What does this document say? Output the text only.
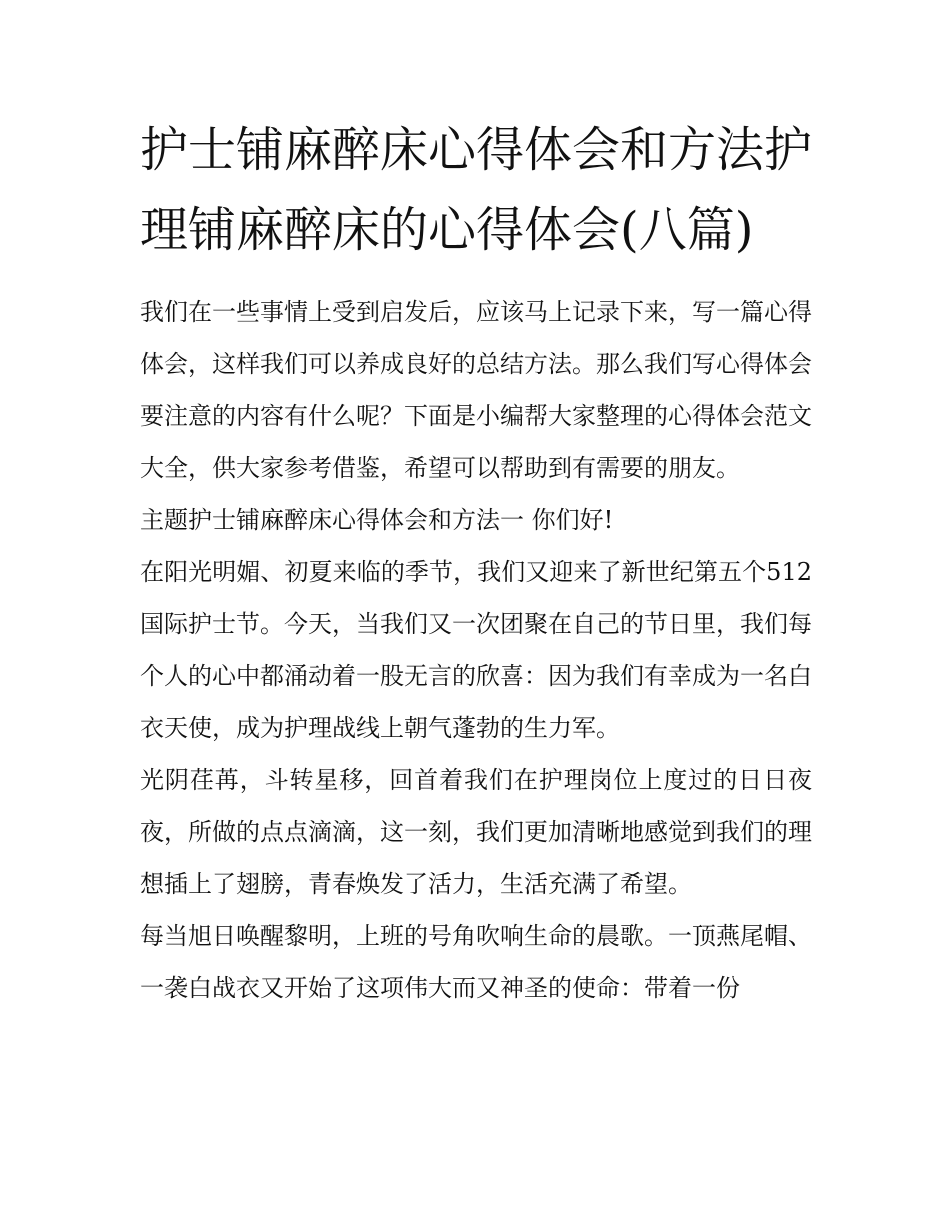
护士铺麻醉床心得体会和方法护理铺麻醉床的心得体会(八篇)

我们在一些事情上受到启发后，应该马上记录下来，写一篇心得体会，这样我们可以养成良好的总结方法。那么我们写心得体会要注意的内容有什么呢？下面是小编帮大家整理的心得体会范文大全，供大家参考借鉴，希望可以帮助到有需要的朋友。

主题护士铺麻醉床心得体会和方法一 你们好!

在阳光明媚、初夏来临的季节，我们又迎来了新世纪第五个512国际护士节。今天，当我们又一次团聚在自己的节日里，我们每个人的心中都涌动着一股无言的欣喜：因为我们有幸成为一名白衣天使，成为护理战线上朝气蓬勃的生力军。

光阴荏苒，斗转星移，回首着我们在护理岗位上度过的日日夜夜，所做的点点滴滴，这一刻，我们更加清晰地感觉到我们的理想插上了翅膀，青春焕发了活力，生活充满了希望。

每当旭日唤醒黎明，上班的号角吹响生命的晨歌。一顶燕尾帽、一袭白战衣又开始了这项伟大而又神圣的使命：带着一份
